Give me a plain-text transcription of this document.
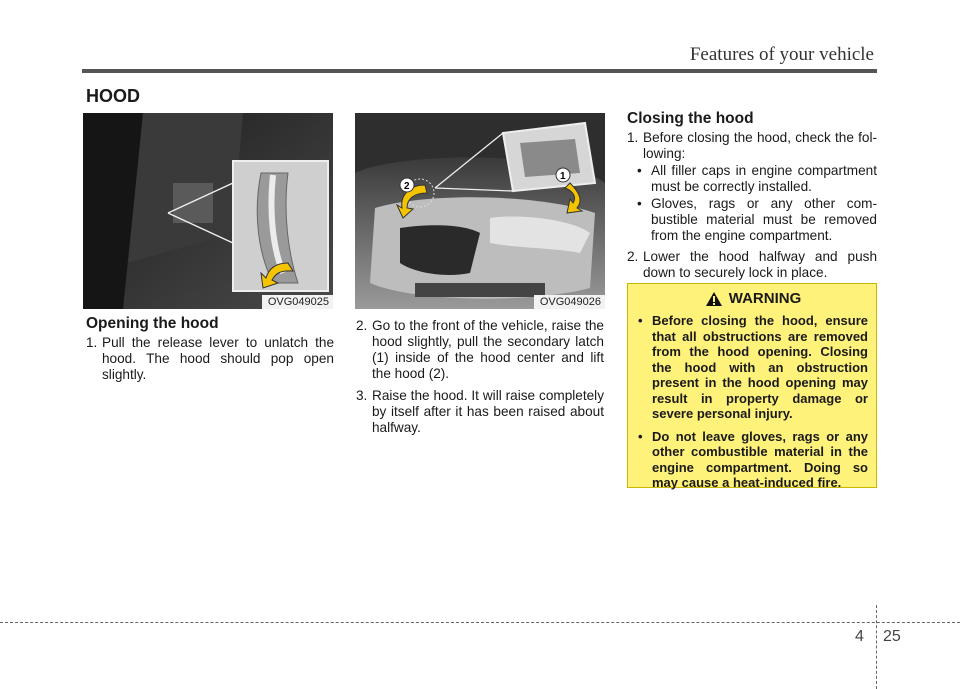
Features of your vehicle
HOOD
OVG049025
2
1
OVG049026
Opening the hood
1. Pull the release lever to unlatch the hood. The hood should pop open slightly.
2. Go to the front of the vehicle, raise the hood slightly, pull the secondary latch (1) inside of the hood center and lift the hood (2).
3. Raise the hood. It will raise completely by itself after it has been raised about halfway.
Closing the hood
1. Before closing the hood, check the fol-lowing:
• All filler caps in engine compartment must be correctly installed.
• Gloves, rags or any other com-bustible material must be removed from the engine compartment.
2. Lower the hood halfway and push down to securely lock in place.
WARNING
• Before closing the hood, ensure that all obstructions are removed from the hood opening. Closing the hood with an obstruction present in the hood opening may result in property damage or severe personal injury.
• Do not leave gloves, rags or any other combustible material in the engine compartment. Doing so may cause a heat-induced fire.
4 25
